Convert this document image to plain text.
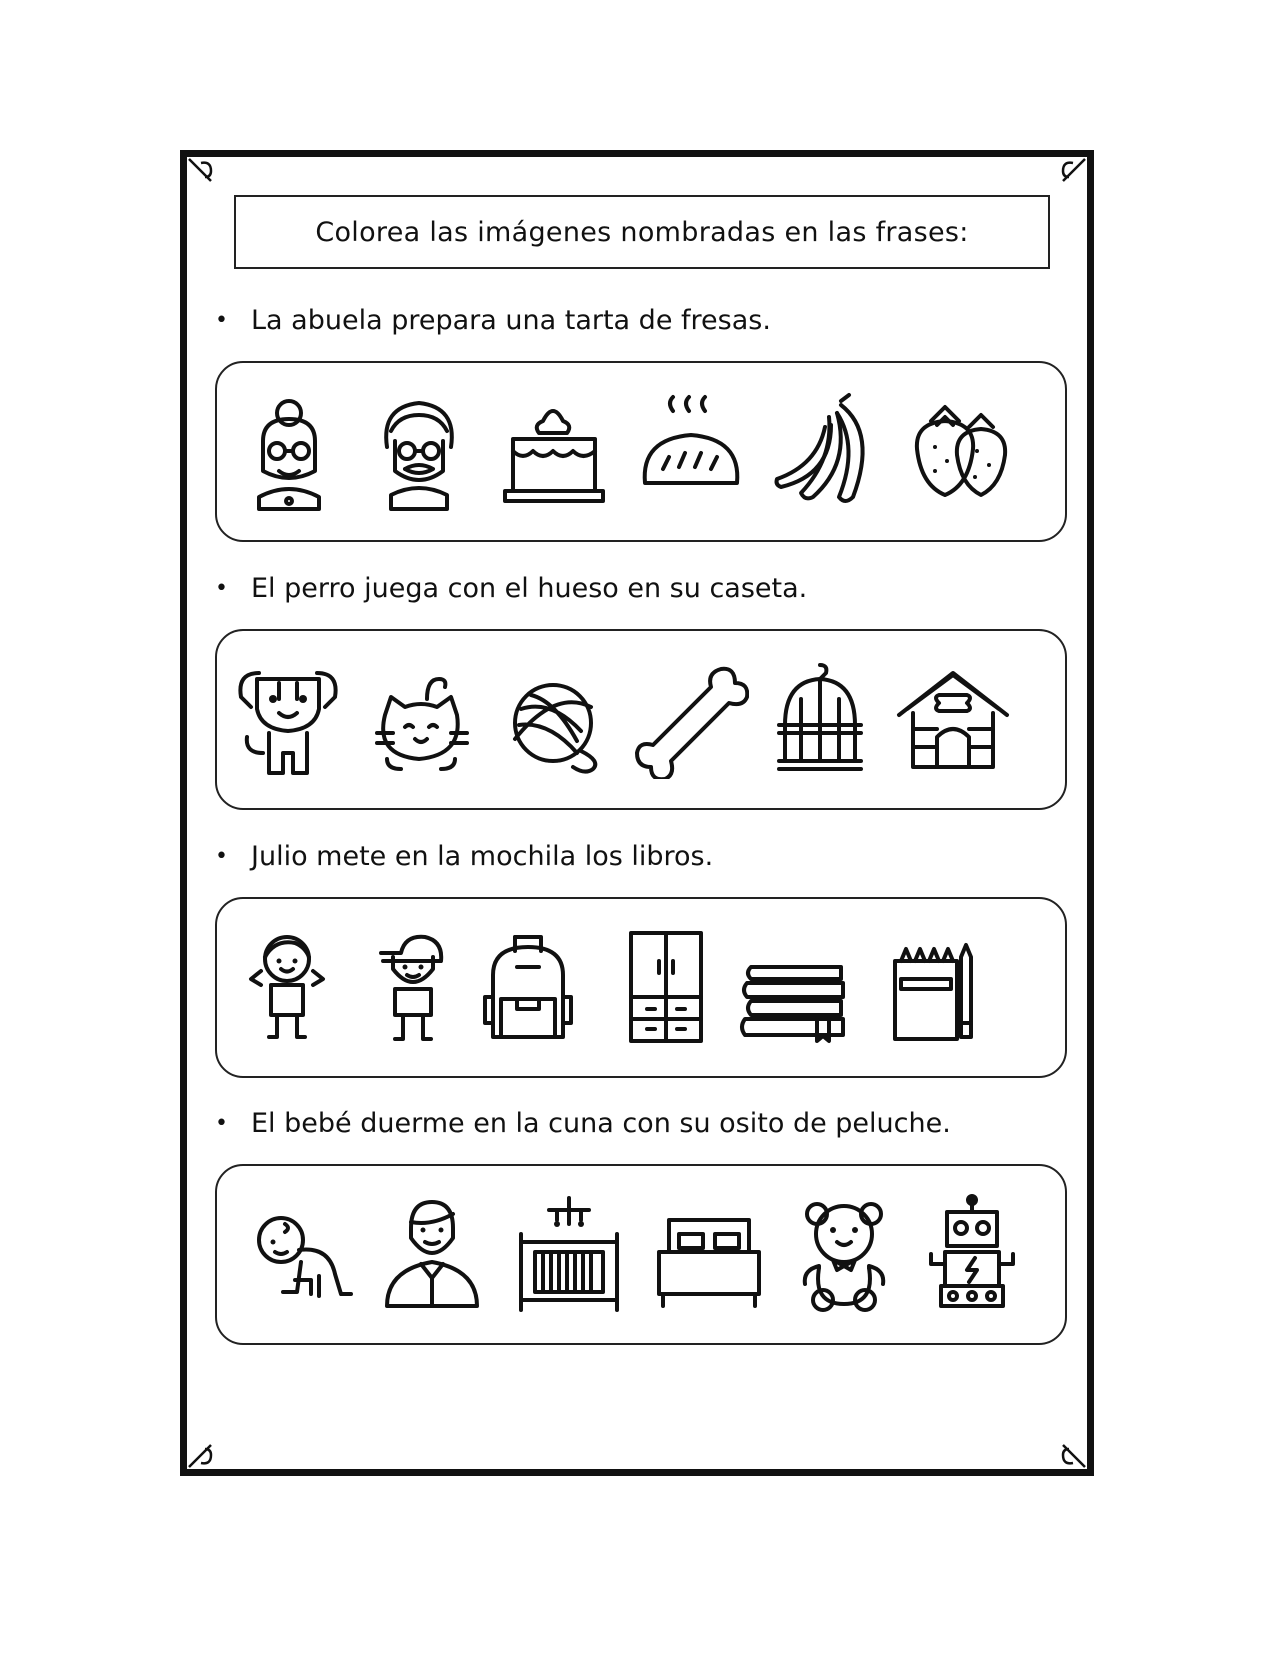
Colorea las imágenes nombradas en las frases:
• La abuela prepara una tarta de fresas.
• El perro juega con el hueso en su caseta.
• Julio mete en la mochila los libros.
• El bebé duerme en la cuna con su osito de peluche.
